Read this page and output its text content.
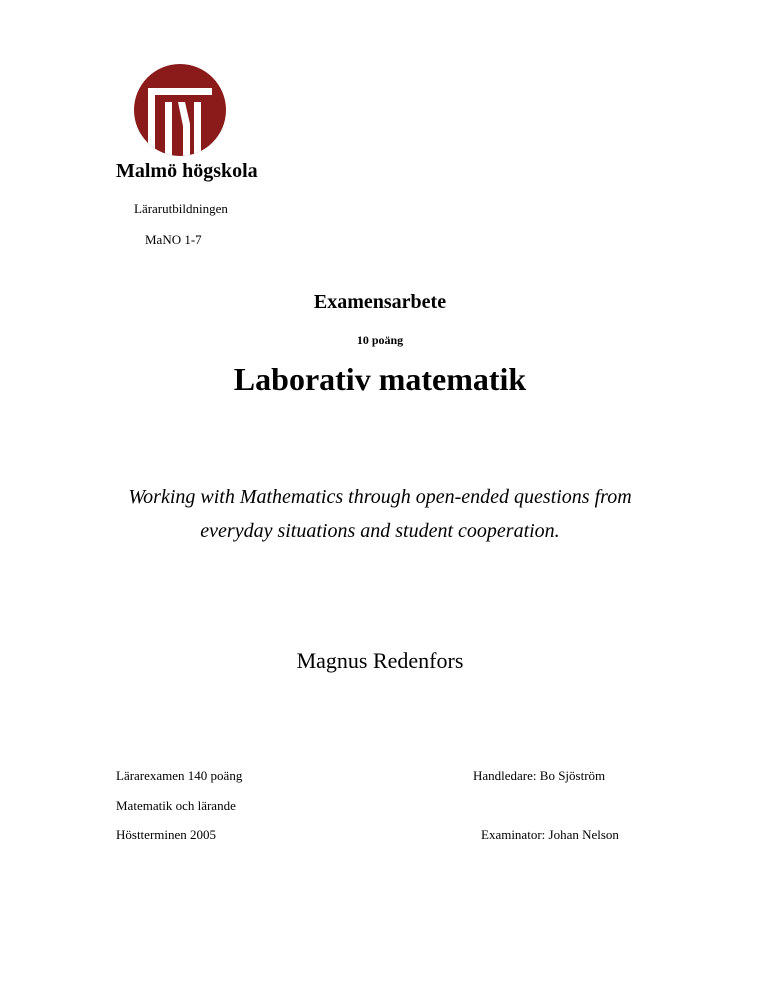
Malmö högskola
Lärarutbildningen
MaNO 1-7
Examensarbete
10 poäng
Laborativ matematik
Working with Mathematics through open-ended questions from
everyday situations and student cooperation.
Magnus Redenfors
Lärarexamen 140 poäng
Matematik och lärande
Höstterminen 2005
Handledare: Bo Sjöström
Examinator: Johan Nelson
